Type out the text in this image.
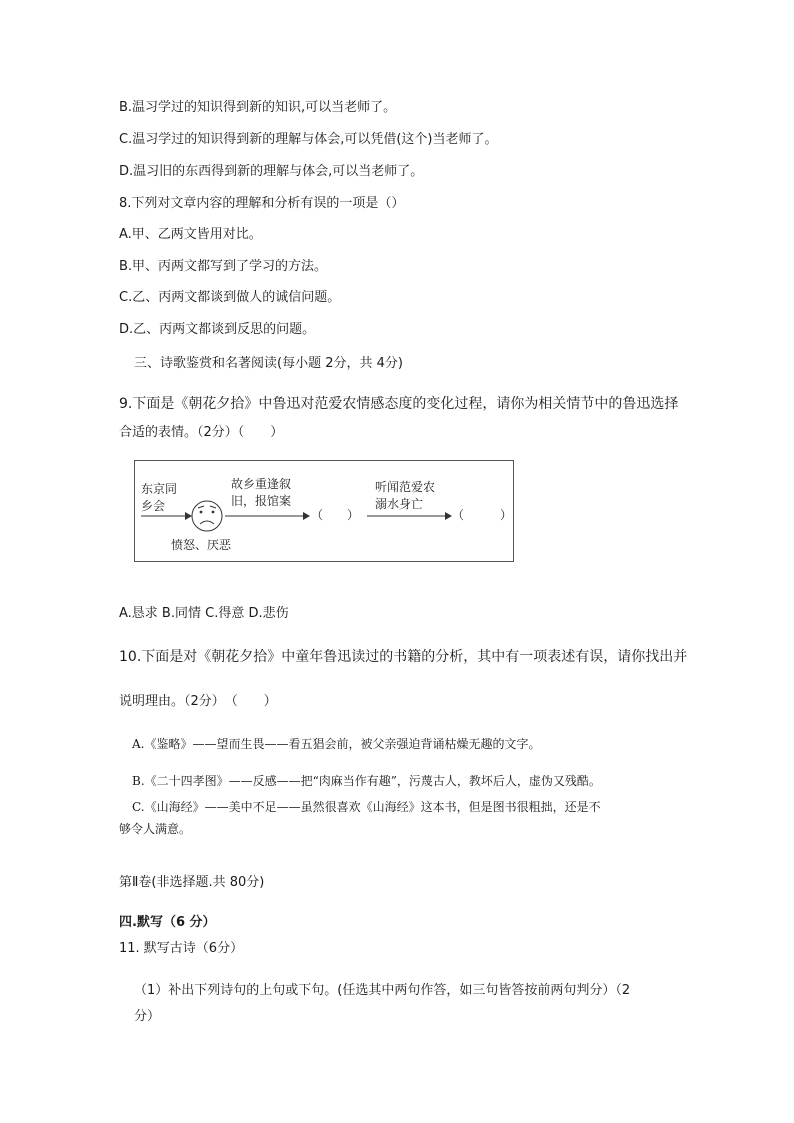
B.温习学过的知识得到新的知识,可以当老师了。
C.温习学过的知识得到新的理解与体会,可以凭借(这个)当老师了。
D.温习旧的东西得到新的理解与体会,可以当老师了。
8.下列对文章内容的理解和分析有误的一项是（）
A.甲、乙两文皆用对比。
B.甲、丙两文都写到了学习的方法。
C.乙、丙两文都谈到做人的诚信问题。
D.乙、丙两文都谈到反思的问题。
三、诗歌鉴赏和名著阅读(每小题 2分，共 4分)
9.下面是《朝花夕拾》中鲁迅对范爱农情感态度的变化过程，请你为相关情节中的鲁迅选择
合适的表情。（2分）（　　）
东京同
乡会
故乡重逢叙
旧，报馆案
（　　）
听闻范爱农
溺水身亡
（　　　）
愤怒、厌恶
A.恳求 B.同情 C.得意 D.悲伤
10.下面是对《朝花夕拾》中童年鲁迅读过的书籍的分析，其中有一项表述有误，请你找出并
说明理由。（2分）　（　　）
A.《鉴略》——望而生畏——看五猖会前，被父亲强迫背诵枯燥无趣的文字。
B.《二十四孝图》——反感——把“肉麻当作有趣”，污蔑古人，教坏后人，虚伪又残酷。
C.《山海经》——美中不足——虽然很喜欢《山海经》这本书，但是图书很粗拙，还是不
够令人满意。
第Ⅱ卷(非选择题.共 80分)
四.默写（6 分）
11. 默写古诗（6分）
（1）补出下列诗句的上句或下句。(任选其中两句作答，如三句皆答按前两句判分）（2
分）
